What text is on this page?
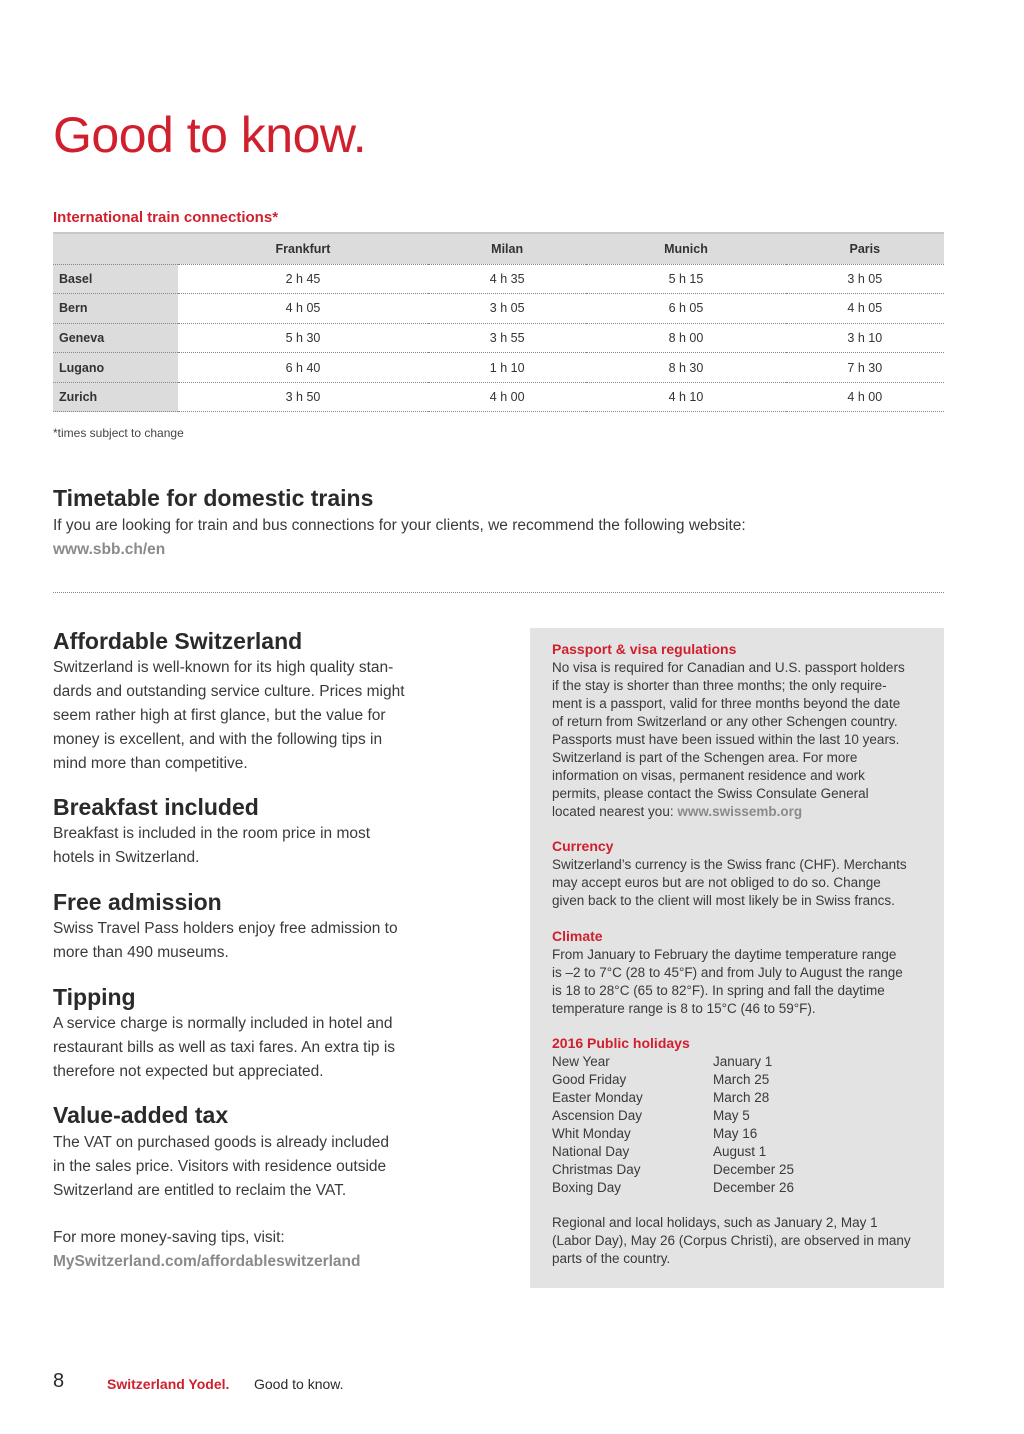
Good to know.
International train connections*
	Frankfurt	Milan	Munich	Paris
Basel	2 h 45	4 h 35	5 h 15	3 h 05
Bern	4 h 05	3 h 05	6 h 05	4 h 05
Geneva	5 h 30	3 h 55	8 h 00	3 h 10
Lugano	6 h 40	1 h 10	8 h 30	7 h 30
Zurich	3 h 50	4 h 00	4 h 10	4 h 00
*times subject to change
Timetable for domestic trains
If you are looking for train and bus connections for your clients, we recommend the following website:
www.sbb.ch/en
Affordable Switzerland
Switzerland is well-known for its high quality stan-
dards and outstanding service culture. Prices might
seem rather high at first glance, but the value for
money is excellent, and with the following tips in
mind more than competitive.
Breakfast included
Breakfast is included in the room price in most
hotels in Switzerland.
Free admission
Swiss Travel Pass holders enjoy free admission to
more than 490 museums.
Tipping
A service charge is normally included in hotel and
restaurant bills as well as taxi fares. An extra tip is
therefore not expected but appreciated.
Value-added tax
The VAT on purchased goods is already included
in the sales price. Visitors with residence outside
Switzerland are entitled to reclaim the VAT.
For more money-saving tips, visit:
MySwitzerland.com/affordableswitzerland
Passport & visa regulations
No visa is required for Canadian and U.S. passport holders
if the stay is shorter than three months; the only require-
ment is a passport, valid for three months beyond the date
of return from Switzerland or any other Schengen country.
Passports must have been issued within the last 10 years.
Switzerland is part of the Schengen area. For more
information on visas, permanent residence and work
permits, please contact the Swiss Consulate General
located nearest you: www.swissemb.org
Currency
Switzerland’s currency is the Swiss franc (CHF). Merchants
may accept euros but are not obliged to do so. Change
given back to the client will most likely be in Swiss francs.
Climate
From January to February the daytime temperature range
is –2 to 7°C (28 to 45°F) and from July to August the range
is 18 to 28°C (65 to 82°F). In spring and fall the daytime
temperature range is 8 to 15°C (46 to 59°F).
2016 Public holidays
New Year	January 1
Good Friday	March 25
Easter Monday	March 28
Ascension Day	May 5
Whit Monday	May 16
National Day	August 1
Christmas Day	December 25
Boxing Day	December 26
Regional and local holidays, such as January 2, May 1
(Labor Day), May 26 (Corpus Christi), are observed in many
parts of the country.
8	Switzerland Yodel. Good to know.
